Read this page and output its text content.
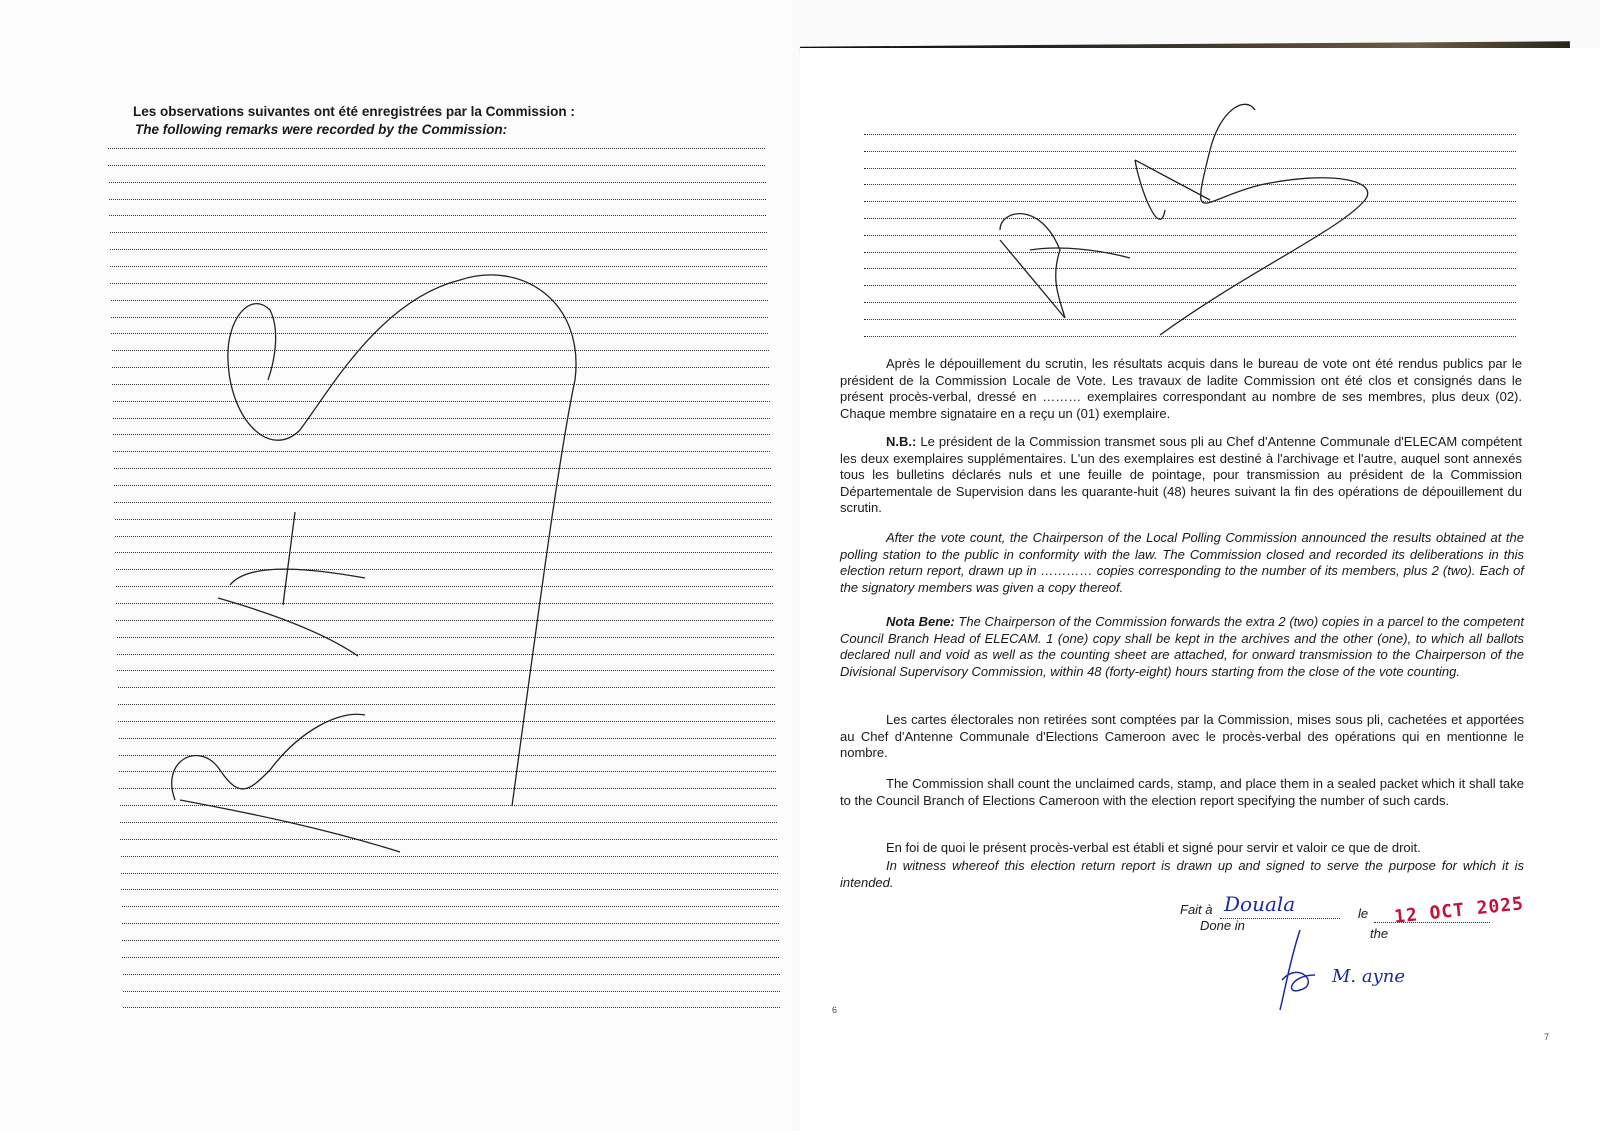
Les observations suivantes ont été enregistrées par la Commission :
The following remarks were recorded by the Commission:
Après le dépouillement du scrutin, les résultats acquis dans le bureau de vote ont été rendus publics par le président de la Commission Locale de Vote. Les travaux de ladite Commission ont été clos et consignés dans le présent procès-verbal, dressé en ……… exemplaires correspondant au nombre de ses membres, plus deux (02). Chaque membre signataire en a reçu un (01) exemplaire.
N.B.: Le président de la Commission transmet sous pli au Chef d'Antenne Communale d'ELECAM compétent les deux exemplaires supplémentaires. L'un des exemplaires est destiné à l'archivage et l'autre, auquel sont annexés tous les bulletins déclarés nuls et une feuille de pointage, pour transmission au président de la Commission Départementale de Supervision dans les quarante-huit (48) heures suivant la fin des opérations de dépouillement du scrutin.
After the vote count, the Chairperson of the Local Polling Commission announced the results obtained at the polling station to the public in conformity with the law. The Commission closed and recorded its deliberations in this election return report, drawn up in ………… copies corresponding to the number of its members, plus 2 (two). Each of the signatory members was given a copy thereof.
Nota Bene: The Chairperson of the Commission forwards the extra 2 (two) copies in a parcel to the competent Council Branch Head of ELECAM. 1 (one) copy shall be kept in the archives and the other (one), to which all ballots declared null and void as well as the counting sheet are attached, for onward transmission to the Chairperson of the Divisional Supervisory Commission, within 48 (forty-eight) hours starting from the close of the vote counting.
Les cartes électorales non retirées sont comptées par la Commission, mises sous pli, cachetées et apportées au Chef d'Antenne Communale d'Elections Cameroon avec le procès-verbal des opérations qui en mentionne le nombre.
The Commission shall count the unclaimed cards, stamp, and place them in a sealed packet which it shall take to the Council Branch of Elections Cameroon with the election report specifying the number of such cards.
En foi de quoi le présent procès-verbal est établi et signé pour servir et valoir ce que de droit.
In witness whereof this election return report is drawn up and signed to serve the purpose for which it is intended.
Fait à Douala	le 12 OCT 2025
Done in
the
M. ayne
6
7
